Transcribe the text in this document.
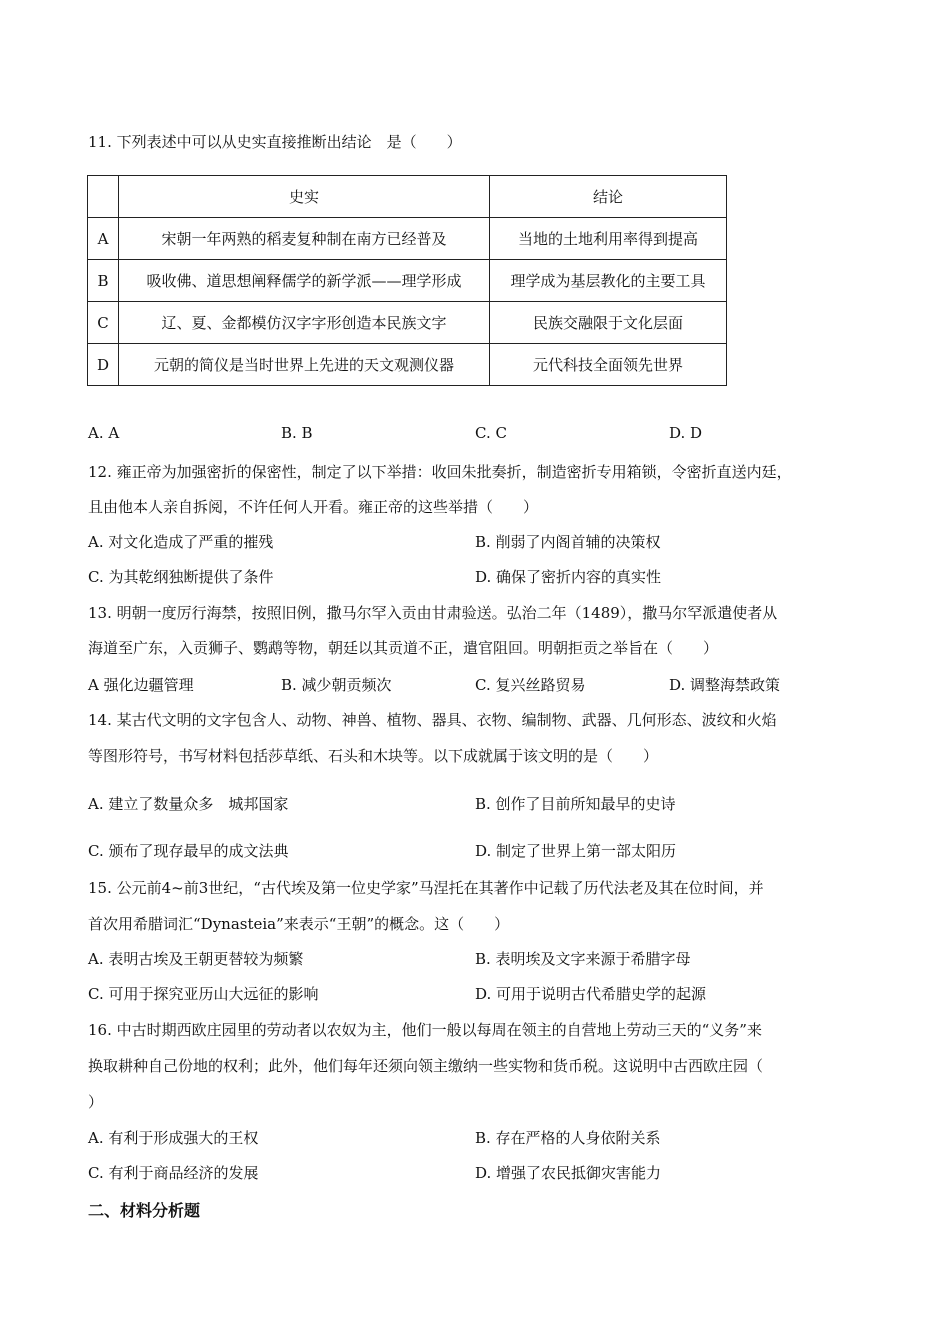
11. 下列表述中可以从史实直接推断出结论　是（　　）
	史实	结论
A	宋朝一年两熟的稻麦复种制在南方已经普及	当地的土地利用率得到提高
B	吸收佛、道思想阐释儒学的新学派——理学形成	理学成为基层教化的主要工具
C	辽、夏、金都模仿汉字字形创造本民族文字	民族交融限于文化层面
D	元朝的简仪是当时世界上先进的天文观测仪器	元代科技全面领先世界
A. A	B. B	C. C	D. D
12. 雍正帝为加强密折的保密性，制定了以下举措：收回朱批奏折，制造密折专用箱锁，令密折直送内廷，
且由他本人亲自拆阅，不许任何人开看。雍正帝的这些举措（　　）
A. 对文化造成了严重的摧残	B. 削弱了内阁首辅的决策权
C. 为其乾纲独断提供了条件	D. 确保了密折内容的真实性
13. 明朝一度厉行海禁，按照旧例，撒马尔罕入贡由甘肃验送。弘治二年（1489），撒马尔罕派遣使者从
海道至广东，入贡狮子、鹦鹉等物，朝廷以其贡道不正，遣官阻回。明朝拒贡之举旨在（　　）
A 强化边疆管理	B. 减少朝贡频次	C. 复兴丝路贸易	D. 调整海禁政策
14. 某古代文明的文字包含人、动物、神兽、植物、器具、衣物、编制物、武器、几何形态、波纹和火焰
等图形符号，书写材料包括莎草纸、石头和木块等。以下成就属于该文明的是（　　）
A. 建立了数量众多　城邦国家	B. 创作了目前所知最早的史诗
C. 颁布了现存最早的成文法典	D. 制定了世界上第一部太阳历
15. 公元前4~前3世纪，“古代埃及第一位史学家”马涅托在其著作中记载了历代法老及其在位时间，并
首次用希腊词汇“Dynasteia”来表示“王朝”的概念。这（　　）
A. 表明古埃及王朝更替较为频繁	B. 表明埃及文字来源于希腊字母
C. 可用于探究亚历山大远征的影响	D. 可用于说明古代希腊史学的起源
16. 中古时期西欧庄园里的劳动者以农奴为主，他们一般以每周在领主的自营地上劳动三天的“义务”来
换取耕种自己份地的权利；此外，他们每年还须向领主缴纳一些实物和货币税。这说明中古西欧庄园（
）
A. 有利于形成强大的王权	B. 存在严格的人身依附关系
C. 有利于商品经济的发展	D. 增强了农民抵御灾害能力
二、材料分析题
